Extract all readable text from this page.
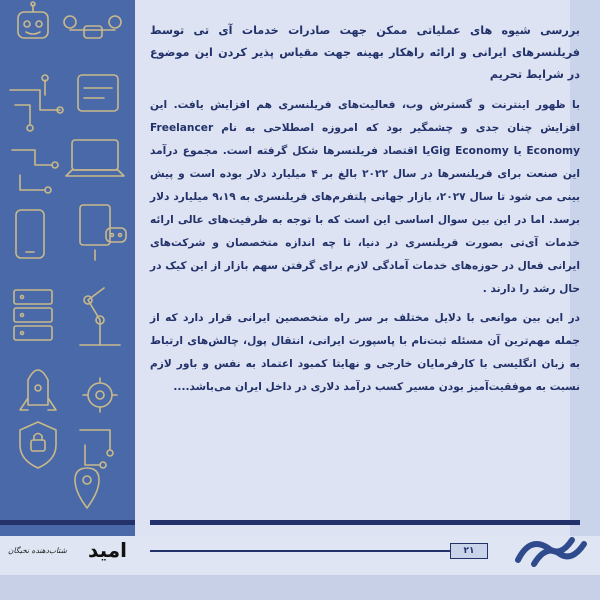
بررسی شیوه های عملیاتی ممکن جهت صادرات خدمات آی تی توسط فریلنسرهای ایرانی و ارائه راهکار بهینه جهت مقیاس پذیر کردن این موضوع در شرایط تحریم

با ظهور اینترنت و گسترش وب، فعالیت‌های فریلنسری هم افزایش یافت. این افزایش چنان جدی و چشمگیر بود که امروزه اصطلاحی به نام Freelancer Economy یا Gig Economyیا اقتصاد فریلنسرها شکل گرفته است. مجموع درآمد این صنعت برای فریلنسرها در سال ۲۰۲۲ بالغ بر ۴ میلیارد دلار بوده است و پیش بینی می شود تا سال ۲۰۲۷، بازار جهانی پلتفرم‌های فریلنسری به ۹،۱۹ میلیارد دلار برسد. اما در این بین سوال اساسی این است که با توجه به ظرفیت‌های عالی ارائه خدمات آی‌تی بصورت فریلنسری در دنیا، تا چه اندازه متخصصان و شرکت‌های ایرانی فعال در حوزه‌های خدمات آمادگی لازم برای گرفتن سهم بازار از این کیک در حال رشد را دارند .

در این بین موانعی با دلایل مختلف بر سر راه متخصصین ایرانی قرار دارد که از جمله مهم‌ترین آن مسئله ثبت‌نام با پاسپورت ایرانی، انتقال پول، چالش‌های ارتباط به زبان انگلیسی با کارفرمایان خارجی و نهایتا کمبود اعتماد به نفس و باور لازم نسبت به موفقیت‌آمیز بودن مسیر کسب درآمد دلاری در داخل ایران می‌باشد....

امید
شتاب‌دهنده نخبگان	۲۱
